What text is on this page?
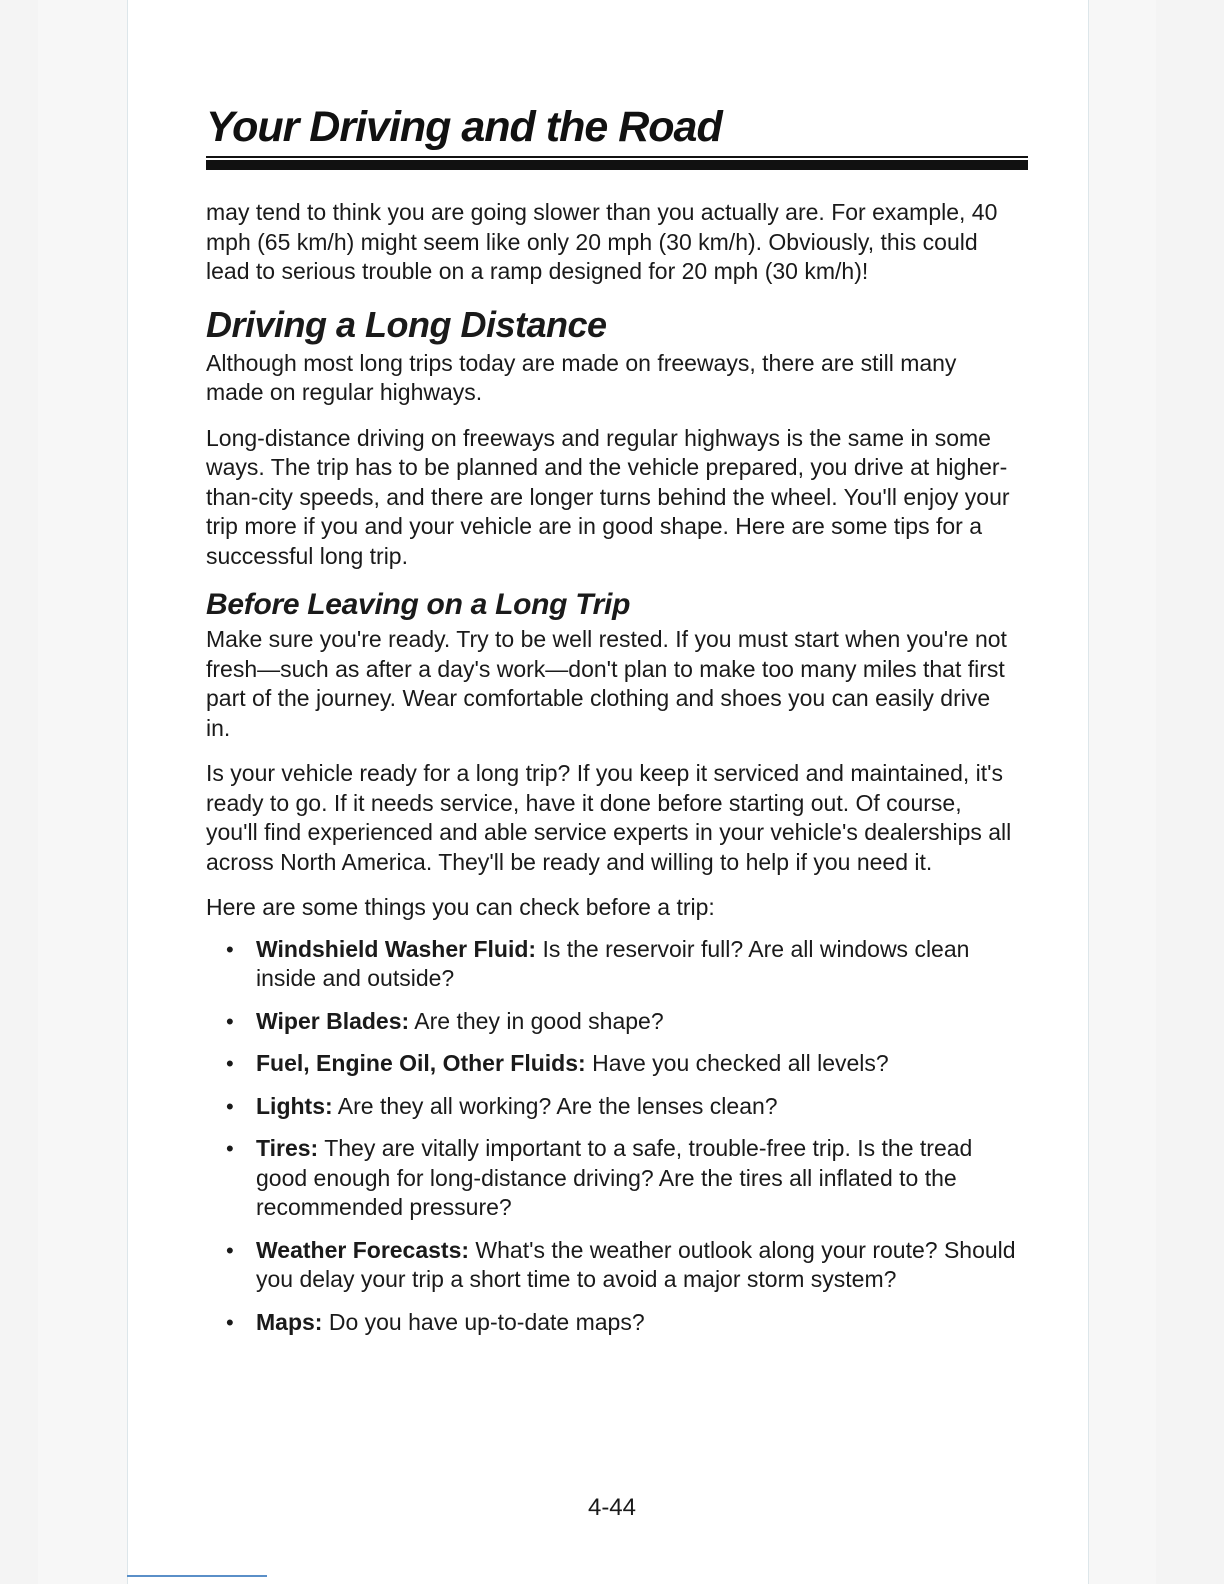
Your Driving and the Road

may tend to think you are going slower than you actually are. For example, 40 mph (65 km/h) might seem like only 20 mph (30 km/h). Obviously, this could lead to serious trouble on a ramp designed for 20 mph (30 km/h)!

Driving a Long Distance

Although most long trips today are made on freeways, there are still many made on regular highways.

Long-distance driving on freeways and regular highways is the same in some ways. The trip has to be planned and the vehicle prepared, you drive at higher-than-city speeds, and there are longer turns behind the wheel. You'll enjoy your trip more if you and your vehicle are in good shape. Here are some tips for a successful long trip.

Before Leaving on a Long Trip

Make sure you're ready. Try to be well rested. If you must start when you're not fresh—such as after a day's work—don't plan to make too many miles that first part of the journey. Wear comfortable clothing and shoes you can easily drive in.

Is your vehicle ready for a long trip? If you keep it serviced and maintained, it's ready to go. If it needs service, have it done before starting out. Of course, you'll find experienced and able service experts in your vehicle's dealerships all across North America. They'll be ready and willing to help if you need it.

Here are some things you can check before a trip:

• Windshield Washer Fluid: Is the reservoir full? Are all windows clean inside and outside?
• Wiper Blades: Are they in good shape?
• Fuel, Engine Oil, Other Fluids: Have you checked all levels?
• Lights: Are they all working? Are the lenses clean?
• Tires: They are vitally important to a safe, trouble-free trip. Is the tread good enough for long-distance driving? Are the tires all inflated to the recommended pressure?
• Weather Forecasts: What's the weather outlook along your route? Should you delay your trip a short time to avoid a major storm system?
• Maps: Do you have up-to-date maps?
4-44
